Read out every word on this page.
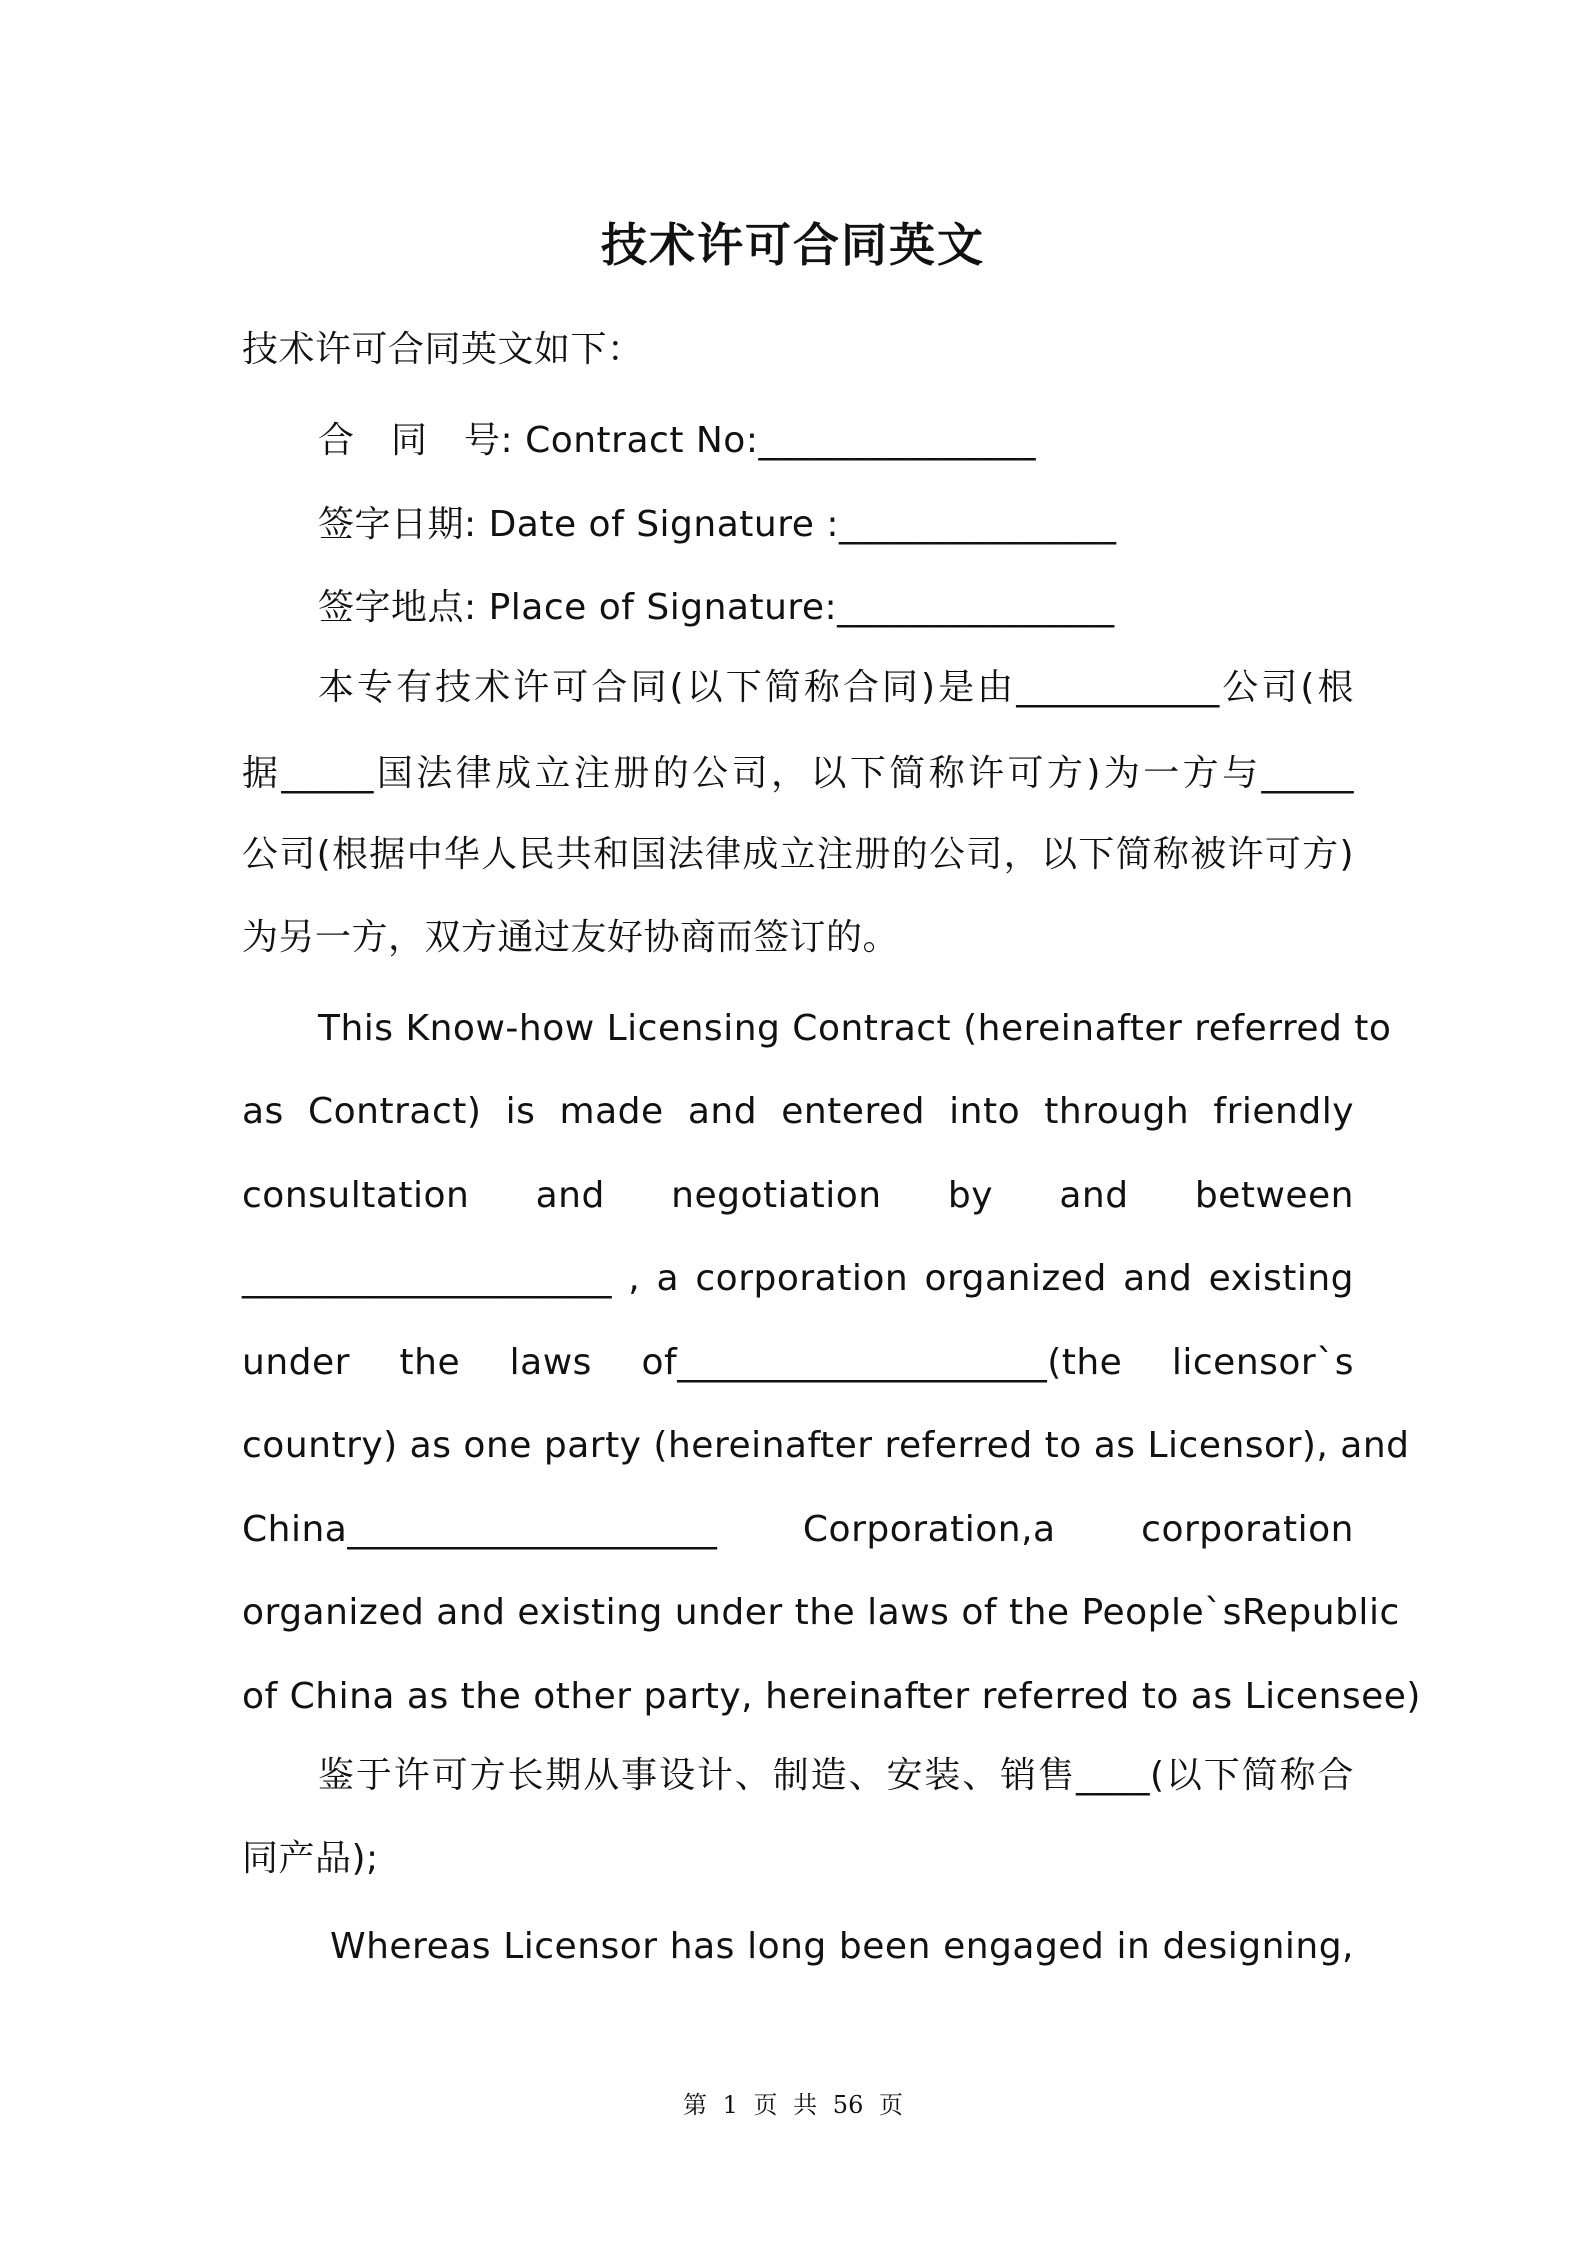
技术许可合同英文
技术许可合同英文如下：
合　同　号: Contract No:_______________
签字日期: Date of Signature :_______________
签字地点: Place of Signature:_______________
本专有技术许可合同(以下简称合同)是由___________公司(根
据_____国法律成立注册的公司，以下简称许可方)为一方与_____
公司(根据中华人民共和国法律成立注册的公司，以下简称被许可方)
为另一方，双方通过友好协商而签订的。
This Know-how Licensing Contract (hereinafter referred to
as Contract) is made and entered into through friendly
consultation and negotiation by and between
____________________ , a corporation organized and existing
under the laws of____________________(the licensor`s
country) as one party (hereinafter referred to as Licensor), and
China____________________ Corporation,a corporation
organized and existing under the laws of the People`sRepublic
of China as the other party, hereinafter referred to as Licensee)
鉴于许可方长期从事设计、制造、安装、销售____(以下简称合
同产品);
Whereas Licensor has long been engaged in designing,
第 1 页 共 56 页
